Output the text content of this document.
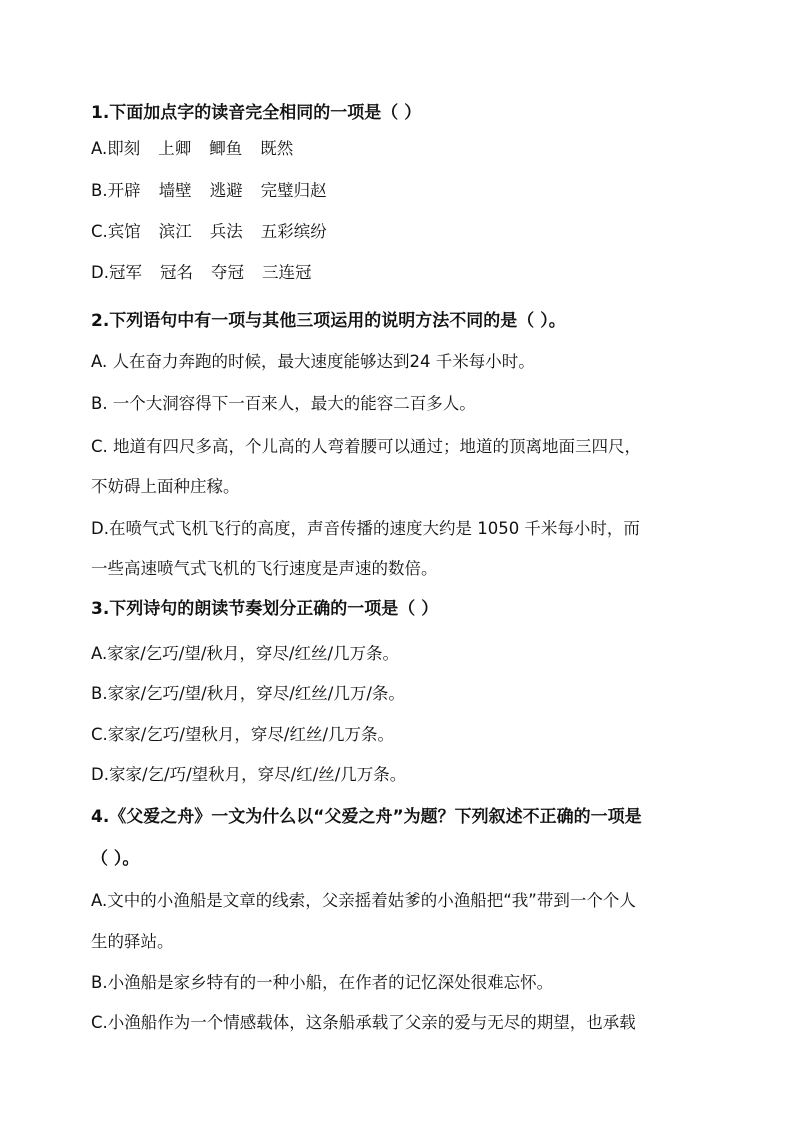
1.下面加点字的读音完全相同的一项是（ ）
A.即刻 上卿 鲫鱼 既然
B.开辟 墙壁 逃避 完璧归赵
C.宾馆 滨江 兵法 五彩缤纷
D.冠军 冠名 夺冠 三连冠
2.下列语句中有一项与其他三项运用的说明方法不同的是（ ）。
A. 人在奋力奔跑的时候，最大速度能够达到24 千米每小时。
B. 一个大洞容得下一百来人，最大的能容二百多人。
C. 地道有四尺多高，个儿高的人弯着腰可以通过；地道的顶离地面三四尺，
不妨碍上面种庄稼。
D.在喷气式飞机飞行的高度，声音传播的速度大约是 1050 千米每小时，而
一些高速喷气式飞机的飞行速度是声速的数倍。
3.下列诗句的朗读节奏划分正确的一项是（ ）
A.家家/乞巧/望/秋月，穿尽/红丝/几万条。
B.家家/乞巧/望/秋月，穿尽/红丝/几万/条。
C.家家/乞巧/望秋月，穿尽/红丝/几万条。
D.家家/乞/巧/望秋月，穿尽/红/丝/几万条。
4.《父爱之舟》一文为什么以“父爱之舟”为题？下列叙述不正确的一项是
（ ）。
A.文中的小渔船是文章的线索，父亲摇着姑爹的小渔船把“我”带到一个个人
生的驿站。
B.小渔船是家乡特有的一种小船，在作者的记忆深处很难忘怀。
C.小渔船作为一个情感载体，这条船承载了父亲的爱与无尽的期望，也承载
